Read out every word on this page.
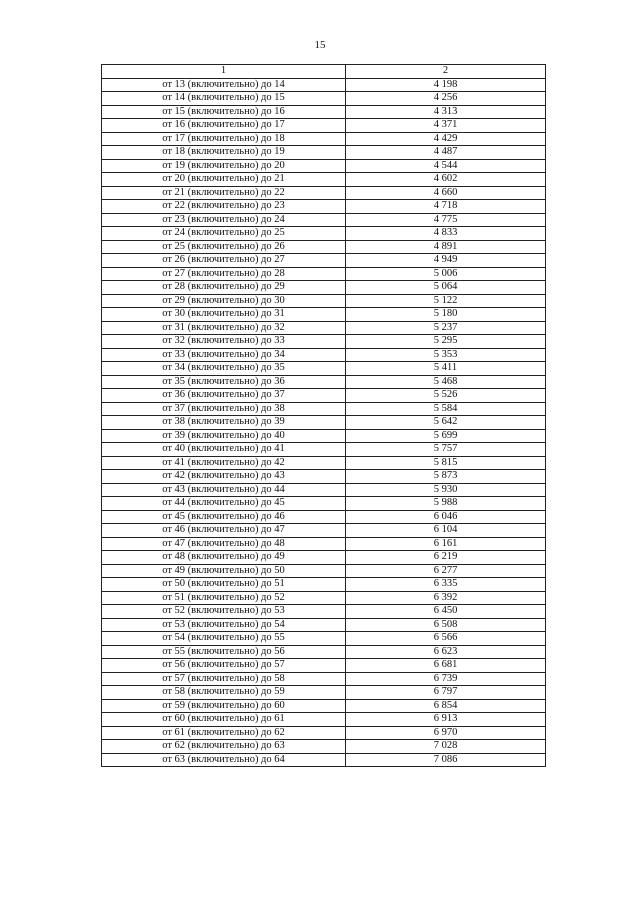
15
1	2
от 13 (включительно) до 14	4 198
от 14 (включительно) до 15	4 256
от 15 (включительно) до 16	4 313
от 16 (включительно) до 17	4 371
от 17 (включительно) до 18	4 429
от 18 (включительно) до 19	4 487
от 19 (включительно) до 20	4 544
от 20 (включительно) до 21	4 602
от 21 (включительно) до 22	4 660
от 22 (включительно) до 23	4 718
от 23 (включительно) до 24	4 775
от 24 (включительно) до 25	4 833
от 25 (включительно) до 26	4 891
от 26 (включительно) до 27	4 949
от 27 (включительно) до 28	5 006
от 28 (включительно) до 29	5 064
от 29 (включительно) до 30	5 122
от 30 (включительно) до 31	5 180
от 31 (включительно) до 32	5 237
от 32 (включительно) до 33	5 295
от 33 (включительно) до 34	5 353
от 34 (включительно) до 35	5 411
от 35 (включительно) до 36	5 468
от 36 (включительно) до 37	5 526
от 37 (включительно) до 38	5 584
от 38 (включительно) до 39	5 642
от 39 (включительно) до 40	5 699
от 40 (включительно) до 41	5 757
от 41 (включительно) до 42	5 815
от 42 (включительно) до 43	5 873
от 43 (включительно) до 44	5 930
от 44 (включительно) до 45	5 988
от 45 (включительно) до 46	6 046
от 46 (включительно) до 47	6 104
от 47 (включительно) до 48	6 161
от 48 (включительно) до 49	6 219
от 49 (включительно) до 50	6 277
от 50 (включительно) до 51	6 335
от 51 (включительно) до 52	6 392
от 52 (включительно) до 53	6 450
от 53 (включительно) до 54	6 508
от 54 (включительно) до 55	6 566
от 55 (включительно) до 56	6 623
от 56 (включительно) до 57	6 681
от 57 (включительно) до 58	6 739
от 58 (включительно) до 59	6 797
от 59 (включительно) до 60	6 854
от 60 (включительно) до 61	6 913
от 61 (включительно) до 62	6 970
от 62 (включительно) до 63	7 028
от 63 (включительно) до 64	7 086
